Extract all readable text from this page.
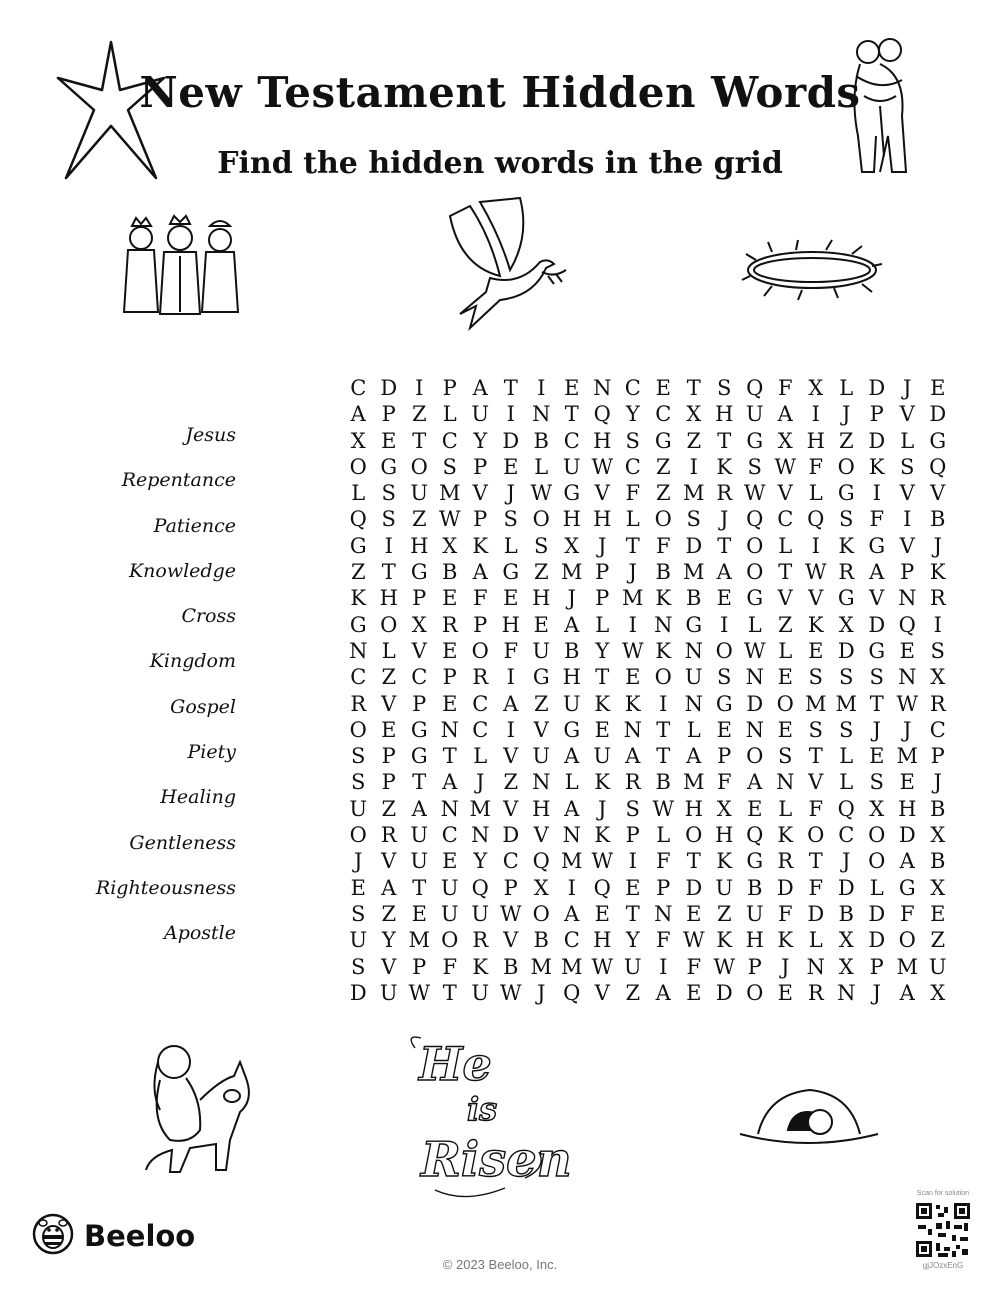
New Testament Hidden Words
Find the hidden words in the grid
He
is
Risen
Jesus
Repentance
Patience
Knowledge
Cross
Kingdom
Gospel
Piety
Healing
Gentleness
Righteousness
Apostle
C D I P A T I E N C E T S Q F X L D J E
A P Z L U I N T Q Y C X H U A I	J P V D
X E T C Y D B C H S G Z T G X H Z D L G
O G O S P E L U W C Z I K S W F O K S Q
L S U M V J W G V F Z M R W V L G I V V
Q S Z W P S O H H L O S J Q C Q S F I B
G I H X K L S X J T F D T O L I K G V J
Z T G B A G Z M P J B M A O T W R A P K
K H P E F E H J P M K B E G V V G V N R
G O X R P H E A L I N G I L Z K X D Q I
N L V E O F U B Y W K N O W L E D G E S
C Z C P R I G H T E O U S N E S S S N X
R V P E C A Z U K K I N G D O M M T W R
O E G N C I V G E N T L E N E S S J	J C
S P G T L V U A U A T A P O S T L E M P
S P T A J Z N L K R B M F A N V L S E J
U Z A N M V H A J S W H X E L F Q X H B
O R U C N D V N K P L O H Q K O C O D X
J V U E Y C Q M W I F T K G R T J O A B
E A T U Q P X I Q E P D U B D F D L G X
S Z E U U W O A E T N E Z U F D B D F E
U Y M O R V B C H Y F W K H K L X D O Z
S V P F K B M M W U I F W P J N X P M U
D U W T U W J Q V Z A E D O E R N J A X
Beeloo
© 2023 Beeloo, Inc.
Scan for solution
gjJOzxEnG
